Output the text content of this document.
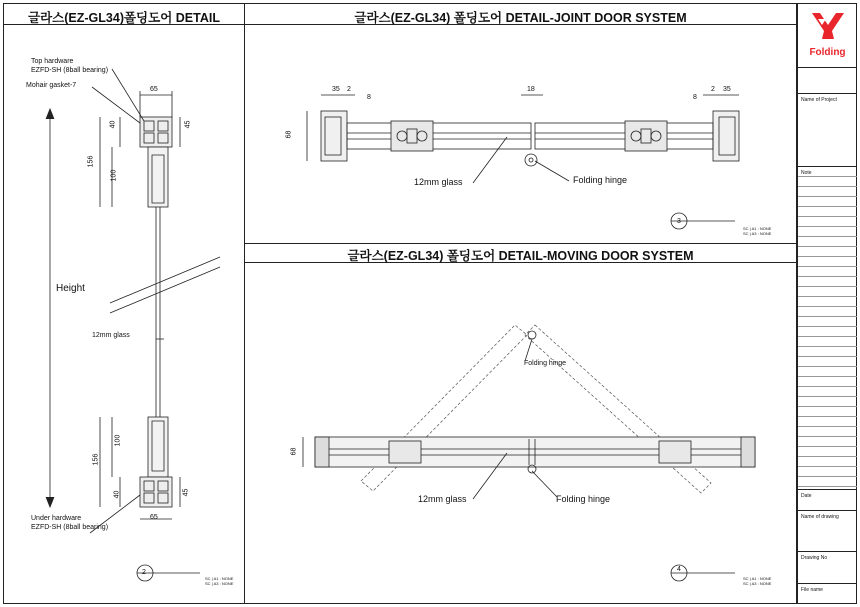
글라스(EZ-GL34)폴딩도어 DETAIL	글라스(EZ-GL34) 폴딩도어 DETAIL-JOINT DOOR SYSTEM
글라스(EZ-GL34) 폴딩도어 DETAIL-MOVING DOOR SYSTEM
Top hardware
EZFD-SH (8ball bearing)
Mohair gasket-7
Height
12mm glass
Under hardware
EZFD-SH (8ball bearing)
65
40	45
156
100
100
156
40	45
65
2
SC | A1 : NONE
SC | A3 : NONE
35 2
8
18
8
2 35
68
12mm glass	Folding hinge
3
SC | A1 : NONE
SC | A3 : NONE
Folding hinge
68
12mm glass	Folding hinge
4
SC | A1 : NONE
SC | A3 : NONE
Folding
Name of Project
Note
Date
Name of drawing
Drawing No
File name
